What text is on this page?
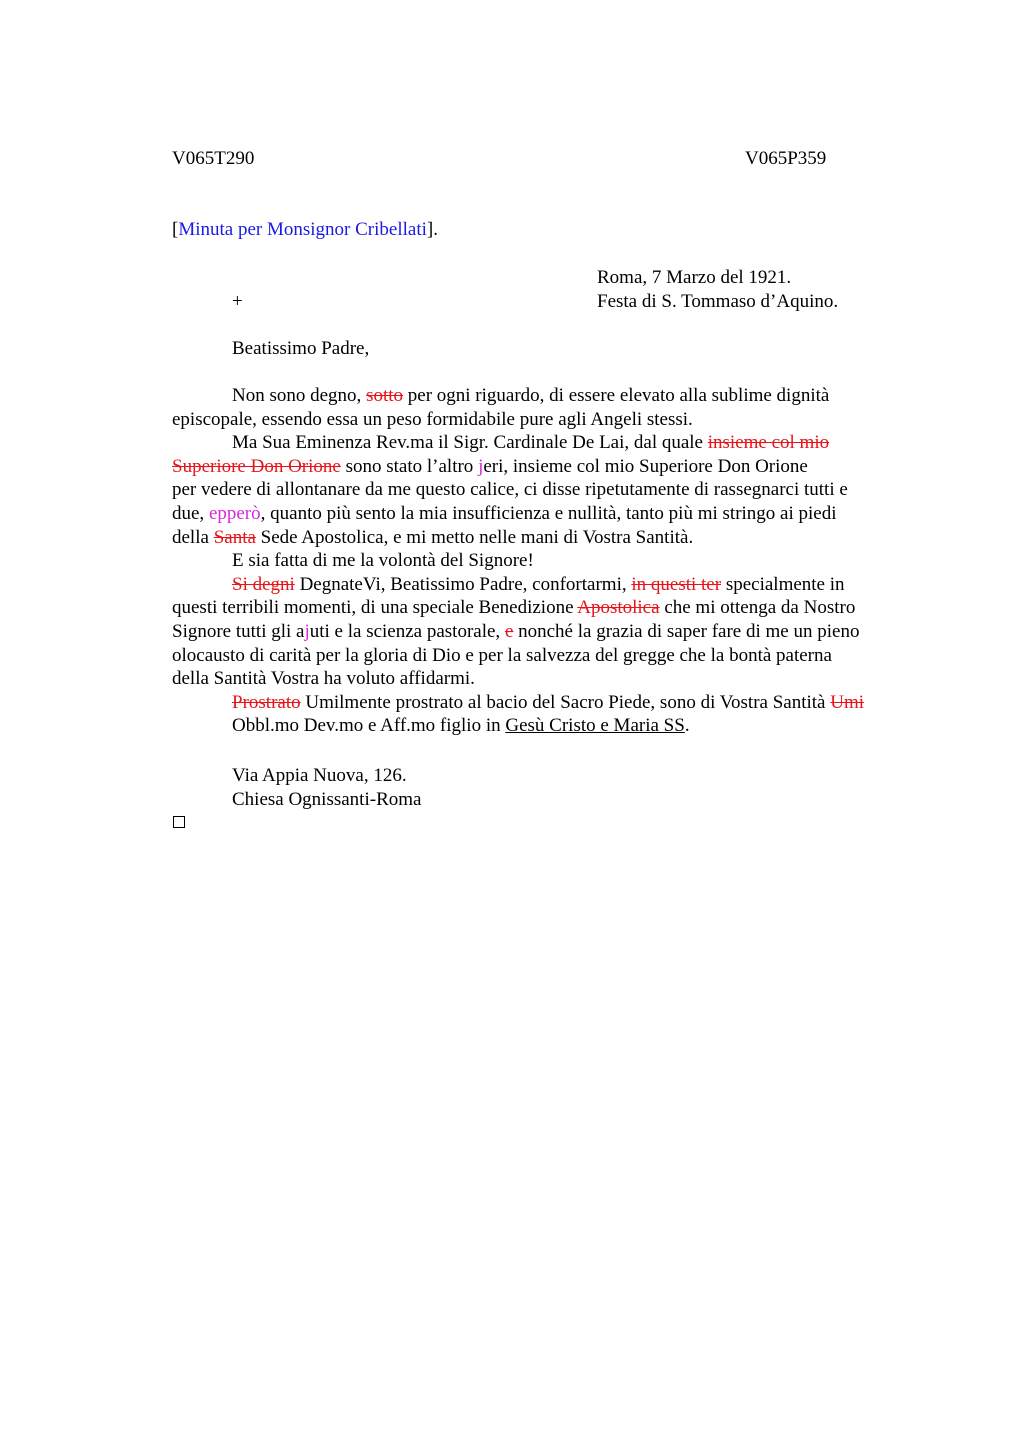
V065T290	V065P359
[Minuta per Monsignor Cribellati].
Roma, 7 Marzo del 1921.
Festa di S. Tommaso d’Aquino.
+
Beatissimo Padre,
Non sono degno, sotto per ogni riguardo, di essere elevato alla sublime dignità
episcopale, essendo essa un peso formidabile pure agli Angeli stessi.
Ma Sua Eminenza Rev.ma il Sigr. Cardinale De Lai, dal quale insieme col mio
Superiore Don Orione sono stato l’altro jeri, insieme col mio Superiore Don Orione
per vedere di allontanare da me questo calice, ci disse ripetutamente di rassegnarci tutti e
due, epperò, quanto più sento la mia insufficienza e nullità, tanto più mi stringo ai piedi
della Santa Sede Apostolica, e mi metto nelle mani di Vostra Santità.
E sia fatta di me la volontà del Signore!
Si degni DegnateVi, Beatissimo Padre, confortarmi, in questi ter specialmente in
questi terribili momenti, di una speciale Benedizione Apostolica che mi ottenga da Nostro
Signore tutti gli ajuti e la scienza pastorale, e nonché la grazia di saper fare di me un pieno
olocausto di carità per la gloria di Dio e per la salvezza del gregge che la bontà paterna
della Santità Vostra ha voluto affidarmi.
Prostrato Umilmente prostrato al bacio del Sacro Piede, sono di Vostra Santità Umi
Obbl.mo Dev.mo e Aff.mo figlio in Gesù Cristo e Maria SS.
Via Appia Nuova, 126.
Chiesa Ognissanti-Roma
